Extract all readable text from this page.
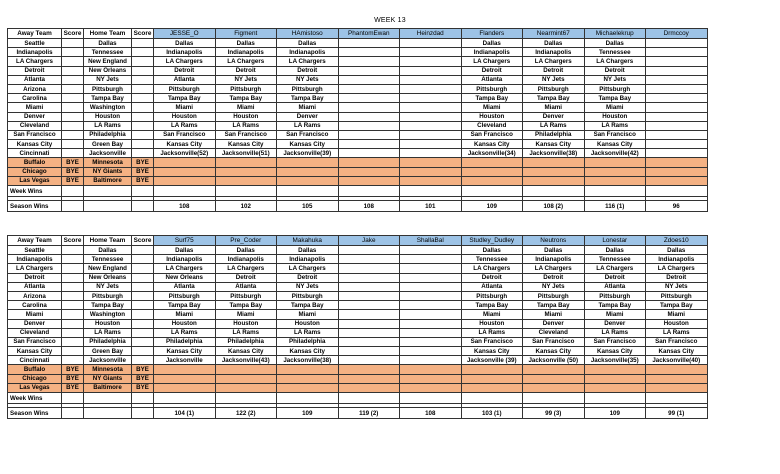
WEEK 13
Away Team	Score	Home Team	Score	JESSE_O	Figment	HAmistoso	PhantomEwan	Heinzdad	Flanders	Nearmint67	Michaelekrup	Drmccoy
Seattle		Dallas		Dallas	Dallas	Dallas			Dallas	Dallas	Dallas	
Indianapolis		Tennessee		Indianapolis	Indianapolis	Indianapolis			Indianapolis	Indianapolis	Tennessee	
LA Chargers		New England		LA Chargers	LA Chargers	LA Chargers			LA Chargers	LA Chargers	LA Chargers	
Detroit		New Orleans		Detroit	Detroit	Detroit			Detroit	Detroit	Detroit	
Atlanta		NY Jets		Atlanta	NY Jets	NY Jets			Atlanta	NY Jets	NY Jets	
Arizona		Pittsburgh		Pittsburgh	Pittsburgh	Pittsburgh			Pittsburgh	Pittsburgh	Pittsburgh	
Carolina		Tampa Bay		Tampa Bay	Tampa Bay	Tampa Bay			Tampa Bay	Tampa Bay	Tampa Bay	
Miami		Washington		Miami	Miami	Miami			Miami	Miami	Miami	
Denver		Houston		Houston	Houston	Denver			Houston	Denver	Houston	
Cleveland		LA Rams		LA Rams	LA Rams	LA Rams			Cleveland	LA Rams	LA Rams	
San Francisco		Philadelphia		San Francisco	San Francisco	San Francisco			San Francisco	Philadelphia	San Francisco	
Kansas City		Green Bay		Kansas City	Kansas City	Kansas City			Kansas City	Kansas City	Kansas City	
Cincinnati		Jacksonville		Jacksonville(52)	Jacksonville(51)	Jacksonville(39)			Jacksonville(34)	Jacksonville(38)	Jacksonville(42)	
Buffalo	BYE	Minnesota	BYE									
Chicago	BYE	NY Giants	BYE									
Las Vegas	BYE	Baltimore	BYE									
Week Wins												

Season Wins				108	102	105	108	101	109	108 (2)	116 (1)	96
Away Team	Score	Home Team	Score	Surf75	Pre_Coder	Makahuka	Jake	ShallaBal	Studley_Dudley	Neutrons	Lonestar	Zdoes10
Seattle		Dallas		Dallas	Dallas	Dallas			Dallas	Dallas	Dallas	Dallas
Indianapolis		Tennessee		Indianapolis	Indianapolis	Indianapolis			Tennessee	Indianapolis	Tennessee	Indianapolis
LA Chargers		New England		LA Chargers	LA Chargers	LA Chargers			LA Chargers	LA Chargers	LA Chargers	LA Chargers
Detroit		New Orleans		New Orleans	Detroit	Detroit			Detroit	Detroit	Detroit	Detroit
Atlanta		NY Jets		Atlanta	Atlanta	NY Jets			Atlanta	NY Jets	Atlanta	NY Jets
Arizona		Pittsburgh		Pittsburgh	Pittsburgh	Pittsburgh			Pittsburgh	Pittsburgh	Pittsburgh	Pittsburgh
Carolina		Tampa Bay		Tampa Bay	Tampa Bay	Tampa Bay			Tampa Bay	Tampa Bay	Tampa Bay	Tampa Bay
Miami		Washington		Miami	Miami	Miami			Miami	Miami	Miami	Miami
Denver		Houston		Houston	Houston	Houston			Houston	Denver	Denver	Houston
Cleveland		LA Rams		LA Rams	LA Rams	LA Rams			LA Rams	Cleveland	LA Rams	LA Rams
San Francisco		Philadelphia		Philadelphia	Philadelphia	Philadelphia			San Francisco	San Francisco	San Francisco	San Francisco
Kansas City		Green Bay		Kansas City	Kansas City	Kansas City			Kansas City	Kansas City	Kansas City	Kansas City
Cincinnati		Jacksonville		Jacksonville	Jacksonville(43)	Jacksonville(38)			Jacksonville (39)	Jacksonville (50)	Jacksonville(35)	Jacksonville(40)
Buffalo	BYE	Minnesota	BYE									
Chicago	BYE	NY Giants	BYE									
Las Vegas	BYE	Baltimore	BYE									
Week Wins												

Season Wins				104 (1)	122 (2)	109	119 (2)	108	103 (1)	99 (3)	109	99 (1)
